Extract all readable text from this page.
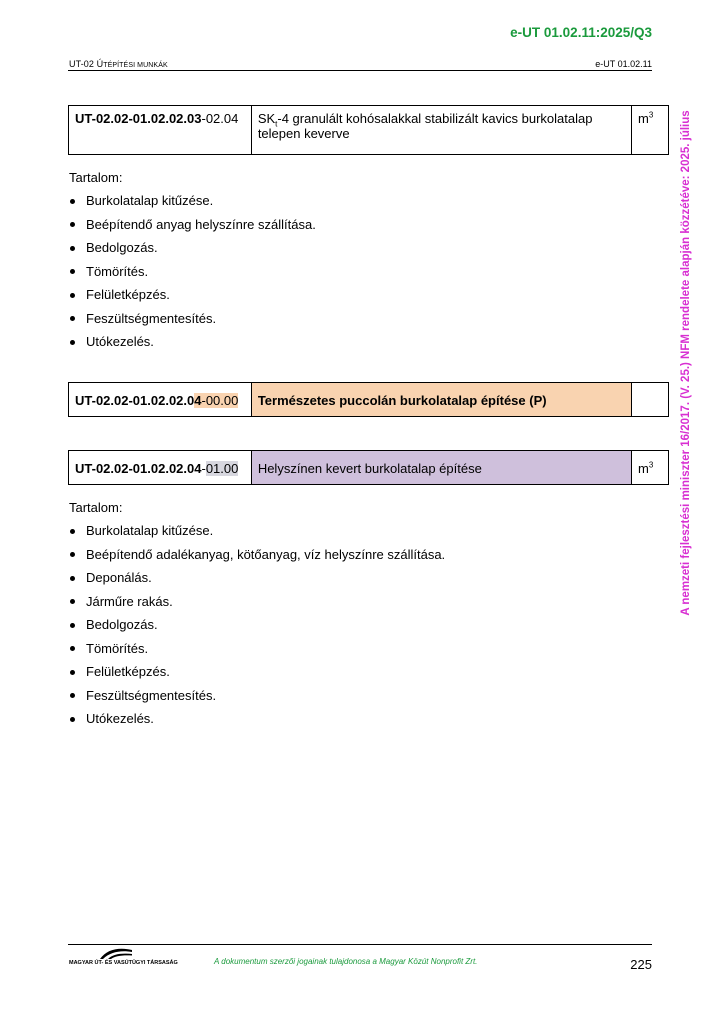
e-UT 01.02.11:2025/Q3
UT-02 ÚTÉPÍTÉSI MUNKÁK	e-UT 01.02.11
UT-02.02-01.02.02.03-02.04	$SK_t-4$ granulált kohósalakkal stabilizált kavics burkolatalap telepen keverve	$m^3$
Tartalom:
Burkolatalap kitűzése.
Beépítendő anyag helyszínre szállítása.
Bedolgozás.
Tömörítés.
Felületképzés.
Feszültségmentesítés.
Utókezelés.
UT-02.02-01.02.02.04-00.00	Természetes puccolán burkolatalap építése (P)	
UT-02.02-01.02.02.04-01.00	Helyszínen kevert burkolatalap építése	$m^3$
Tartalom:
Burkolatalap kitűzése.
Beépítendő adalékanyag, kötőanyag, víz helyszínre szállítása.
Deponálás.
Járműre rakás.
Bedolgozás.
Tömörítés.
Felületképzés.
Feszültségmentesítés.
Utókezelés.
A nemzeti fejlesztési miniszter 16/2017. (V. 25.) NFM rendelete alapján közzétéve: 2025. július
MAGYAR ÚT- ÉS VASÚTÜGYI TÁRSASÁG	A dokumentum szerzői jogainak tulajdonosa a Magyar Közút Nonprofit Zrt.	225
